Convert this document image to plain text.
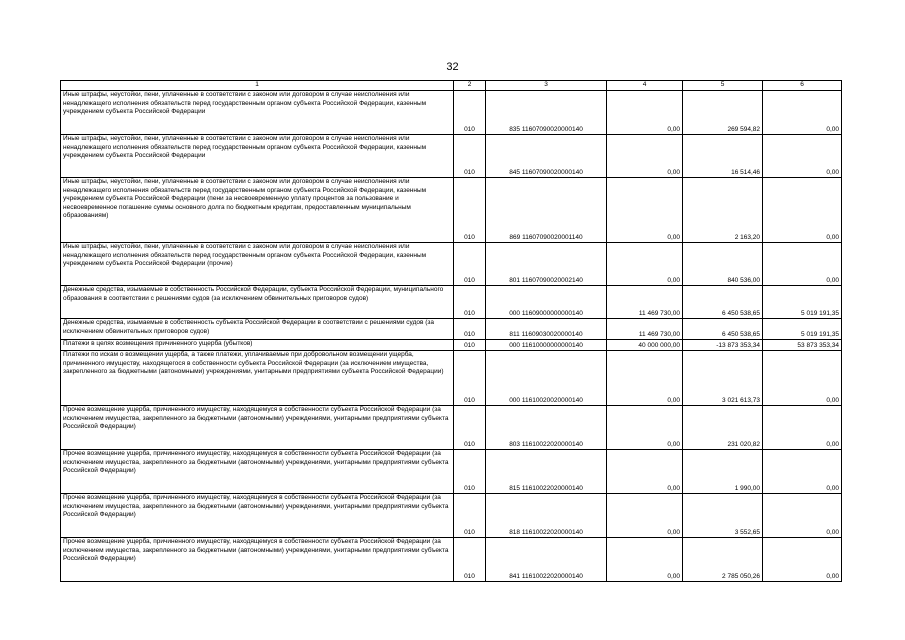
32
1	2	3	4	5	6
Иные штрафы, неустойки, пени, уплаченные в соответствии с законом или договором в случае неисполнения или ненадлежащего исполнения обязательств перед государственным органом субъекта Российской Федерации, казенным учреждением субъекта Российской Федерации	010	835 11607090020000140	0,00	269 594,82	0,00
Иные штрафы, неустойки, пени, уплаченные в соответствии с законом или договором в случае неисполнения или ненадлежащего исполнения обязательств перед государственным органом субъекта Российской Федерации, казенным учреждением субъекта Российской Федерации	010	845 11607090020000140	0,00	16 514,46	0,00
Иные штрафы, неустойки, пени, уплаченные в соответствии с законом или договором в случае неисполнения или ненадлежащего исполнения обязательств перед государственным органом субъекта Российской Федерации, казенным учреждением субъекта Российской Федерации (пени за несвоевременную уплату процентов за пользование и несвоевременное погашение суммы основного долга по бюджетным кредитам, предоставленным муниципальным образованиям)	010	869 11607090020001140	0,00	2 163,20	0,00
Иные штрафы, неустойки, пени, уплаченные в соответствии с законом или договором в случае неисполнения или ненадлежащего исполнения обязательств перед государственным органом субъекта Российской Федерации, казенным учреждением субъекта Российской Федерации (прочие)	010	801 11607090020002140	0,00	840 536,00	0,00
Денежные средства, изымаемые в собственность Российской Федерации, субъекта Российской Федерации, муниципального образования в соответствии с решениями судов (за исключением обвинительных приговоров судов)	010	000 11609000000000140	11 469 730,00	6 450 538,65	5 019 191,35
Денежные средства, изымаемые в собственность субъекта Российской Федерации в соответствии с решениями судов (за исключением обвинительных приговоров судов)	010	811 11609030020000140	11 469 730,00	6 450 538,65	5 019 191,35
Платежи в целях возмещения причиненного ущерба (убытков)	010	000 11610000000000140	40 000 000,00	-13 873 353,34	53 873 353,34
Платежи по искам о возмещении ущерба, а также платежи, уплачиваемые при добровольном возмещении ущерба, причиненного имуществу, находящегося в собственности субъекта Российской Федерации (за исключением имущества, закрепленного за бюджетными (автономными) учреждениями, унитарными предприятиями субъекта Российской Федерации)	010	000 11610020020000140	0,00	3 021 613,73	0,00
Прочее возмещение ущерба, причиненного имуществу, находящемуся в собственности субъекта Российской Федерации (за исключением имущества, закрепленного за бюджетными (автономными) учреждениями, унитарными предприятиями субъекта Российской Федерации)	010	803 11610022020000140	0,00	231 020,82	0,00
Прочее возмещение ущерба, причиненного имуществу, находящемуся в собственности субъекта Российской Федерации (за исключением имущества, закрепленного за бюджетными (автономными) учреждениями, унитарными предприятиями субъекта Российской Федерации)	010	815 11610022020000140	0,00	1 990,00	0,00
Прочее возмещение ущерба, причиненного имуществу, находящемуся в собственности субъекта Российской Федерации (за исключением имущества, закрепленного за бюджетными (автономными) учреждениями, унитарными предприятиями субъекта Российской Федерации)	010	818 11610022020000140	0,00	3 552,65	0,00
Прочее возмещение ущерба, причиненного имуществу, находящемуся в собственности субъекта Российской Федерации (за исключением имущества, закрепленного за бюджетными (автономными) учреждениями, унитарными предприятиями субъекта Российской Федерации)	010	841 11610022020000140	0,00	2 785 050,26	0,00
